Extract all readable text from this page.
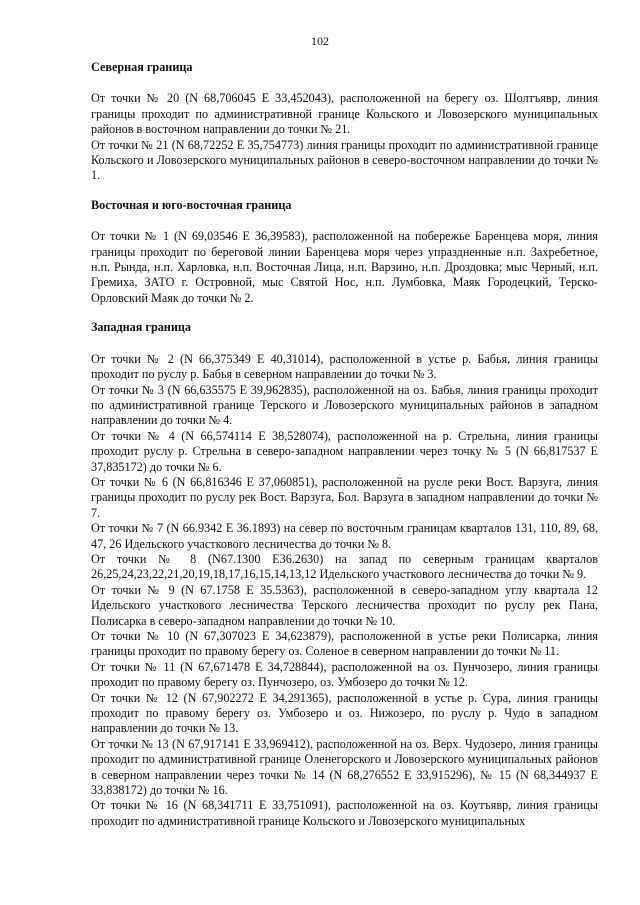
102
Северная граница

От точки № 20 (N 68,706045 E 33,452043), расположенной на берегу оз. Шолтъявр, линия границы проходит по административной границе Кольского и Ловозерского муниципальных районов в восточном направлении до точки № 21.

От точки № 21 (N 68,72252 E 35,754773) линия границы проходит по административной границе Кольского и Ловозерского муниципальных районов в северо-восточном направлении до точки № 1.

Восточная и юго-восточная граница

От точки № 1 (N 69,03546 E 36,39583), расположенной на побережье Баренцева моря, линия границы проходит по береговой линии Баренцева моря через упраздненные н.п. Захребетное, н.п. Рында, н.п. Харловка, н.п. Восточная Лица, н.п. Варзино, н.п. Дроздовка; мыс Черный, н.п. Гремиха, ЗАТО г. Островной, мыс Святой Нос, н.п. Лумбовка, Маяк Городецкий, Терско-Орловский Маяк до точки № 2.

Западная граница

От точки № 2 (N 66,375349 E 40,31014), расположенной в устье р. Бабья, линия границы проходит по руслу р. Бабья в северном направлении до точки № 3.

От точки № 3 (N 66,635575 E 39,962835), расположенной на оз. Бабья, линия границы проходит по административной границе Терского и Ловозерского муниципальных районов в западном направлении до точки № 4.

От точки № 4 (N 66,574114 E 38,528074), расположенной на р. Стрельна, линия границы проходит руслу р. Стрельна в северо-западном направлении через точку № 5 (N 66,817537 E 37,835172) до точки № 6.

От точки № 6 (N 66,816346 E 37,060851), расположенной на русле реки Вост. Варзуга, линия границы проходит по руслу рек Вост. Варзуга, Бол. Варзуга в западном направлении до точки № 7.

От точки № 7 (N 66.9342 E 36.1893) на север по восточным границам кварталов 131, 110, 89, 68, 47, 26 Идельского участкового лесничества до точки № 8.

От точки № 8 (N67.1300 E36.2630) на запад по северным границам кварталов 26,25,24,23,22,21,20,19,18,17,16,15,14,13,12 Идельского участкового лесничества до точки № 9.

От точки № 9 (N 67.1758 E 35.5363), расположенной в северо-западном углу квартала 12 Идельского участкового лесничества Терского лесничества проходит по руслу рек Пана, Полисарка в северо-западном направлении до точки № 10.

От точки № 10 (N 67,307023 E 34,623879), расположенной в устье реки Полисарка, линия границы проходит по правому берегу оз. Соленое в северном направлении до точки № 11.

От точки № 11 (N 67,671478 E 34,728844), расположенной на оз. Пунчозеро, линия границы проходит по правому берегу оз. Пунчозеро, оз. Умбозеро до точки № 12.

От точки № 12 (N 67,902272 E 34,291365), расположенной в устье р. Сура, линия границы проходит по правому берегу оз. Умбозеро и оз. Нижозеро, по руслу р. Чудо в западном направлении до точки № 13.

От точки № 13 (N 67,917141 E 33,969412), расположенной на оз. Верх. Чудозеро, линия границы проходит по административной границе Оленегорского и Ловозерского муниципальных районов в северном направлении через точки № 14 (N 68,276552 E 33,915296), № 15 (N 68,344937 E 33,838172) до точки № 16.

От точки № 16 (N 68,341711 E 33,751091), расположенной на оз. Коутъявр, линия границы проходит по административной границе Кольского и Ловозерского муниципальных
